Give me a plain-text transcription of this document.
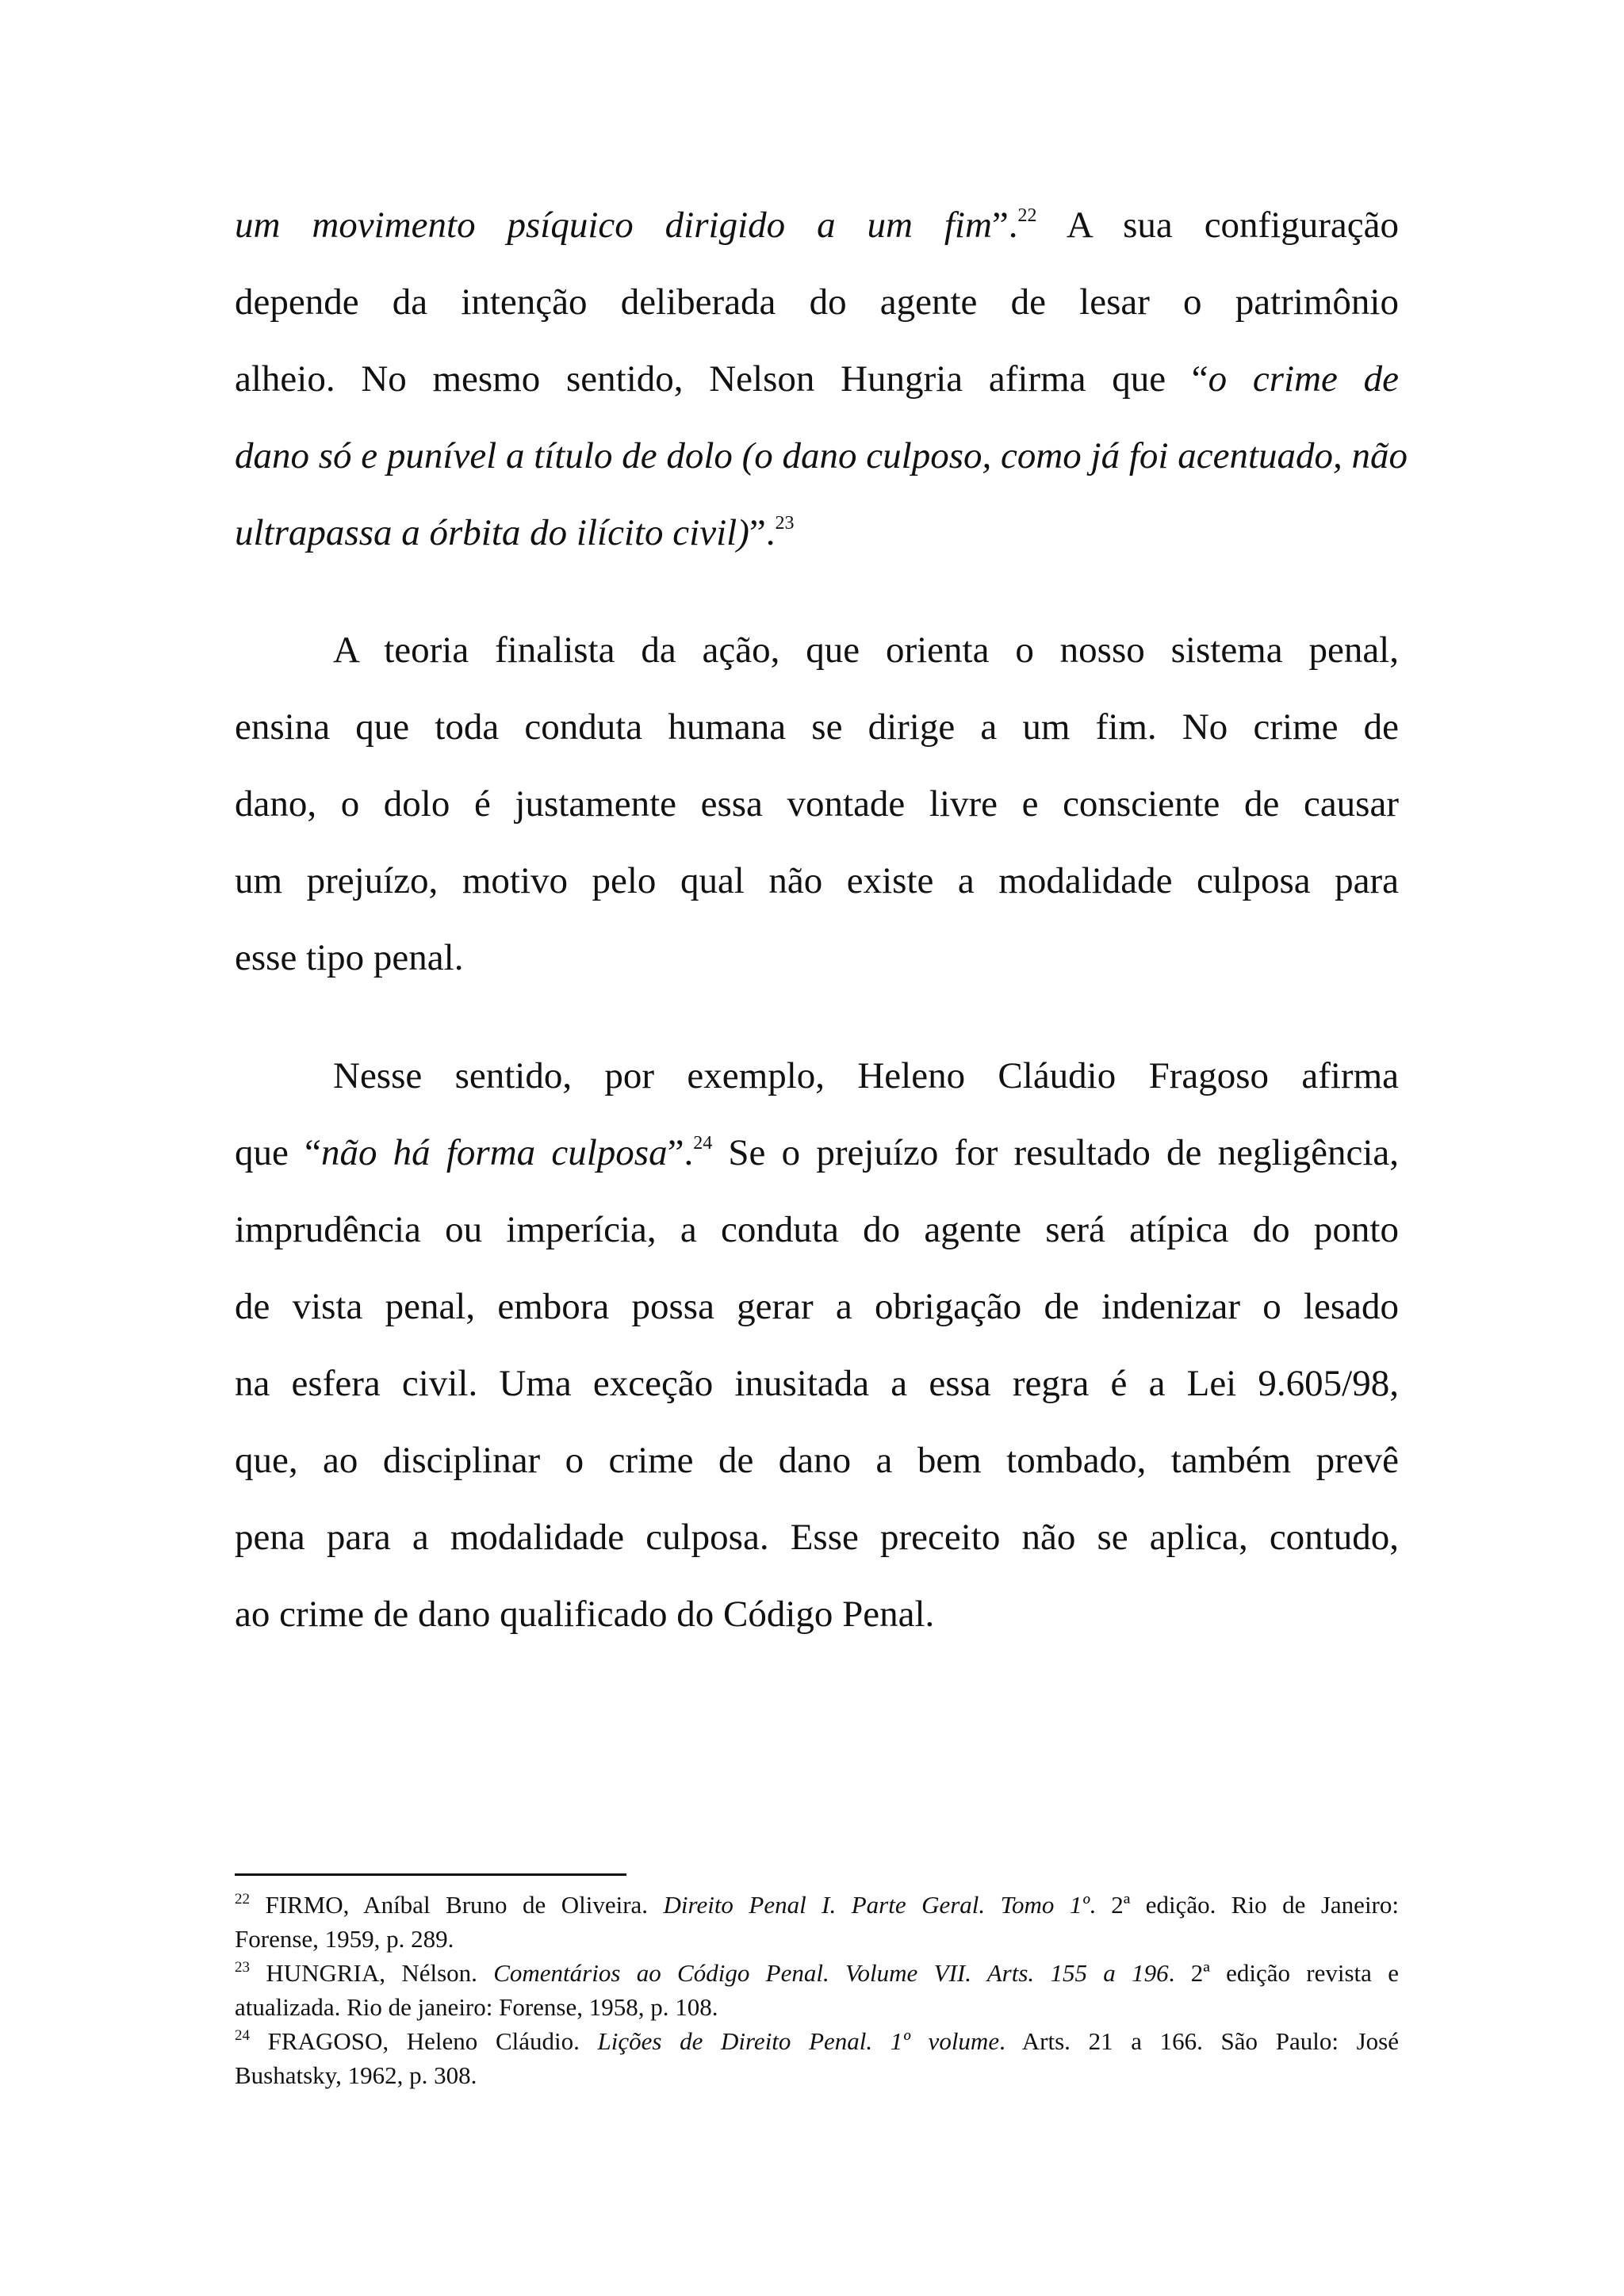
um movimento psíquico dirigido a um fim”.$^{22}$ A sua configuração
depende da intenção deliberada do agente de lesar o patrimônio
alheio. No mesmo sentido, Nelson Hungria afirma que “o crime de
dano só e punível a título de dolo (o dano culposo, como já foi acentuado, não
ultrapassa a órbita do ilícito civil)”.$^{23}$
A teoria finalista da ação, que orienta o nosso sistema penal,
ensina que toda conduta humana se dirige a um fim. No crime de
dano, o dolo é justamente essa vontade livre e consciente de causar
um prejuízo, motivo pelo qual não existe a modalidade culposa para
esse tipo penal.
Nesse sentido, por exemplo, Heleno Cláudio Fragoso afirma
que “não há forma culposa”.$^{24}$ Se o prejuízo for resultado de negligência,
imprudência ou imperícia, a conduta do agente será atípica do ponto
de vista penal, embora possa gerar a obrigação de indenizar o lesado
na esfera civil. Uma exceção inusitada a essa regra é a Lei 9.605/98,
que, ao disciplinar o crime de dano a bem tombado, também prevê
pena para a modalidade culposa. Esse preceito não se aplica, contudo,
ao crime de dano qualificado do Código Penal.
$^{22}$ FIRMO, Aníbal Bruno de Oliveira. Direito Penal I. Parte Geral. Tomo 1º. 2ª edição. Rio de Janeiro:
Forense, 1959, p. 289.
$^{23}$ HUNGRIA, Nélson. Comentários ao Código Penal. Volume VII. Arts. 155 a 196. 2ª edição revista e
atualizada. Rio de janeiro: Forense, 1958, p. 108.
$^{24}$ FRAGOSO, Heleno Cláudio. Lições de Direito Penal. 1º volume. Arts. 21 a 166. São Paulo: José
Bushatsky, 1962, p. 308.
